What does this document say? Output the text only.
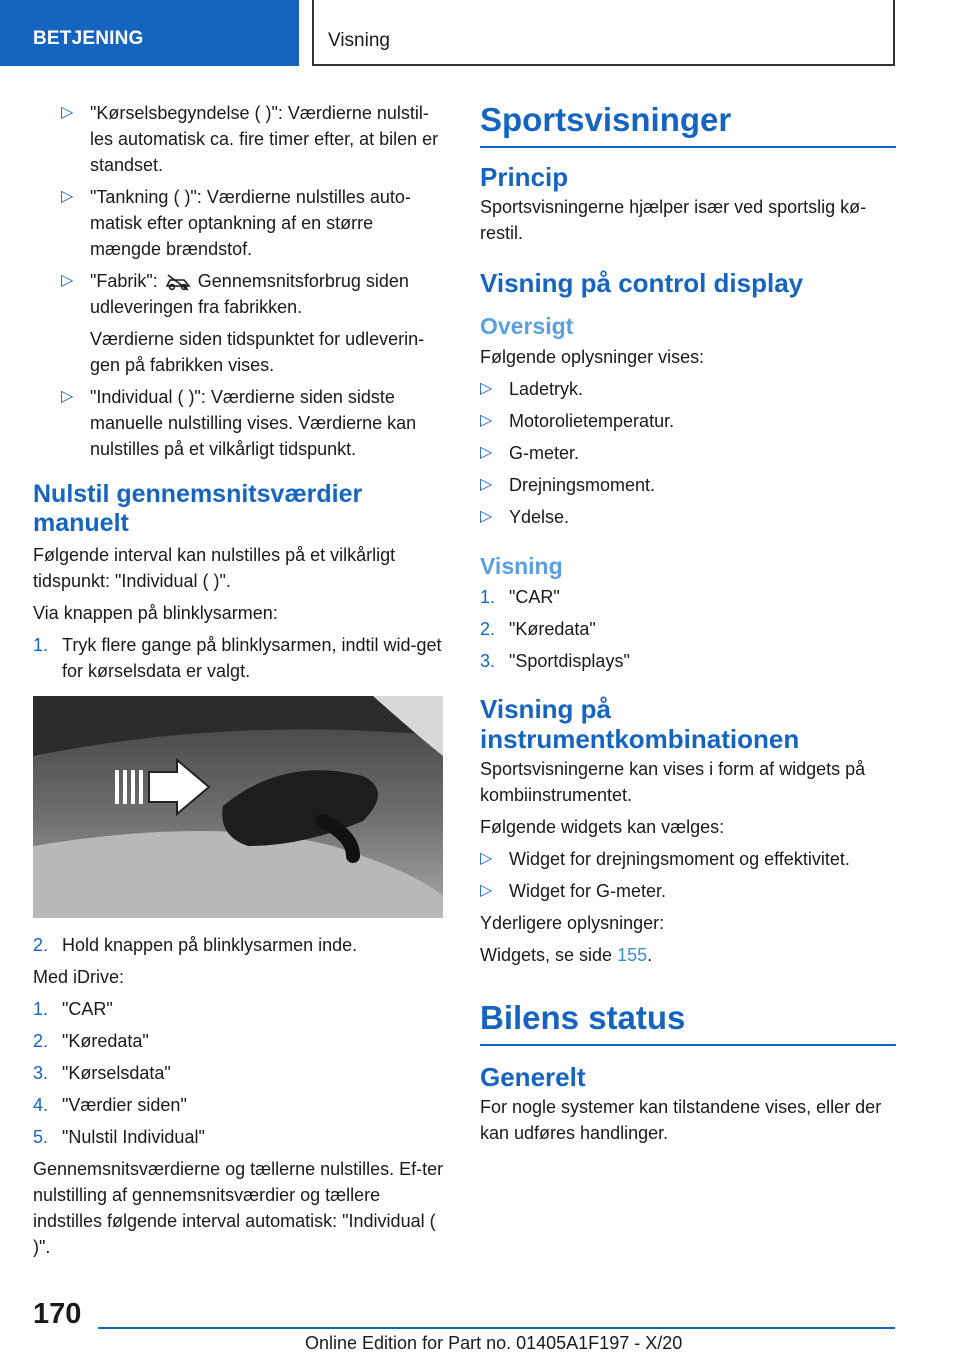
BETJENING	Visning
▷ "Kørselsbegyndelse ( )": Værdierne nulstil-les automatisk ca. fire timer efter, at bilen er standset.
▷ "Tankning ( )": Værdierne nulstilles auto-matisk efter optankning af en større mængde brændstof.
▷ "Fabrik": Gennemsnitsforbrug siden udleveringen fra fabrikken.

Værdierne siden tidspunktet for udleverin-gen på fabrikken vises.

▷ "Individual ( )": Værdierne siden sidste manuelle nulstilling vises. Værdierne kan nulstilles på et vilkårligt tidspunkt.
Nulstil gennemsnitsværdier manuelt

Følgende interval kan nulstilles på et vilkårligt tidspunkt: "Individual ( )".

Via knappen på blinklysarmen:

1. Tryk flere gange på blinklysarmen, indtil wid-get for kørselsdata er valgt.
2. Hold knappen på blinklysarmen inde.

Med iDrive:

1. "CAR"
2. "Køredata"
3. "Kørselsdata"
4. "Værdier siden"
5. "Nulstil Individual"

Gennemsnitsværdierne og tællerne nulstilles. Ef-ter nulstilling af gennemsnitsværdier og tællere indstilles følgende interval automatisk: "Individual ( )".

Sportsvisninger
Princip

Sportsvisningerne hjælper især ved sportslig kø-restil.

Visning på control display
Oversigt

Følgende oplysninger vises:

▷ Ladetryk.
▷ Motorolietemperatur.
▷ G-meter.
▷ Drejningsmoment.
▷ Ydelse.
Visning
1. "CAR"
2. "Køredata"
3. "Sportdisplays"
Visning på instrumentkombinationen

Sportsvisningerne kan vises i form af widgets på kombiinstrumentet.

Følgende widgets kan vælges:

▷ Widget for drejningsmoment og effektivitet.
▷ Widget for G-meter.

Yderligere oplysninger:

Widgets, se side 155.

Bilens status
Generelt

For nogle systemer kan tilstandene vises, eller der kan udføres handlinger.

170
Online Edition for Part no. 01405A1F197 - X/20
